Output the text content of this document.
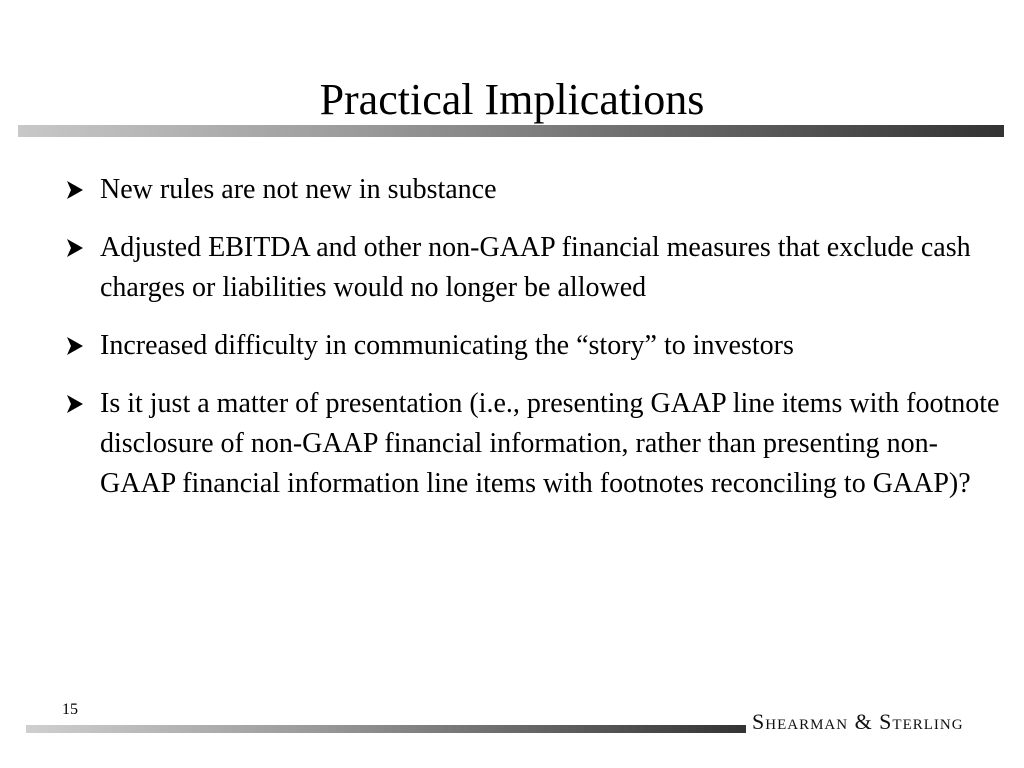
Practical Implications
New rules are not new in substance
Adjusted EBITDA and other non-GAAP financial measures that exclude cash charges or liabilities would no longer be allowed
Increased difficulty in communicating the “story” to investors
Is it just a matter of presentation (i.e., presenting GAAP line items with footnote disclosure of non-GAAP financial information, rather than presenting non-GAAP financial information line items with footnotes reconciling to GAAP)?
15	Shearman & Sterling
